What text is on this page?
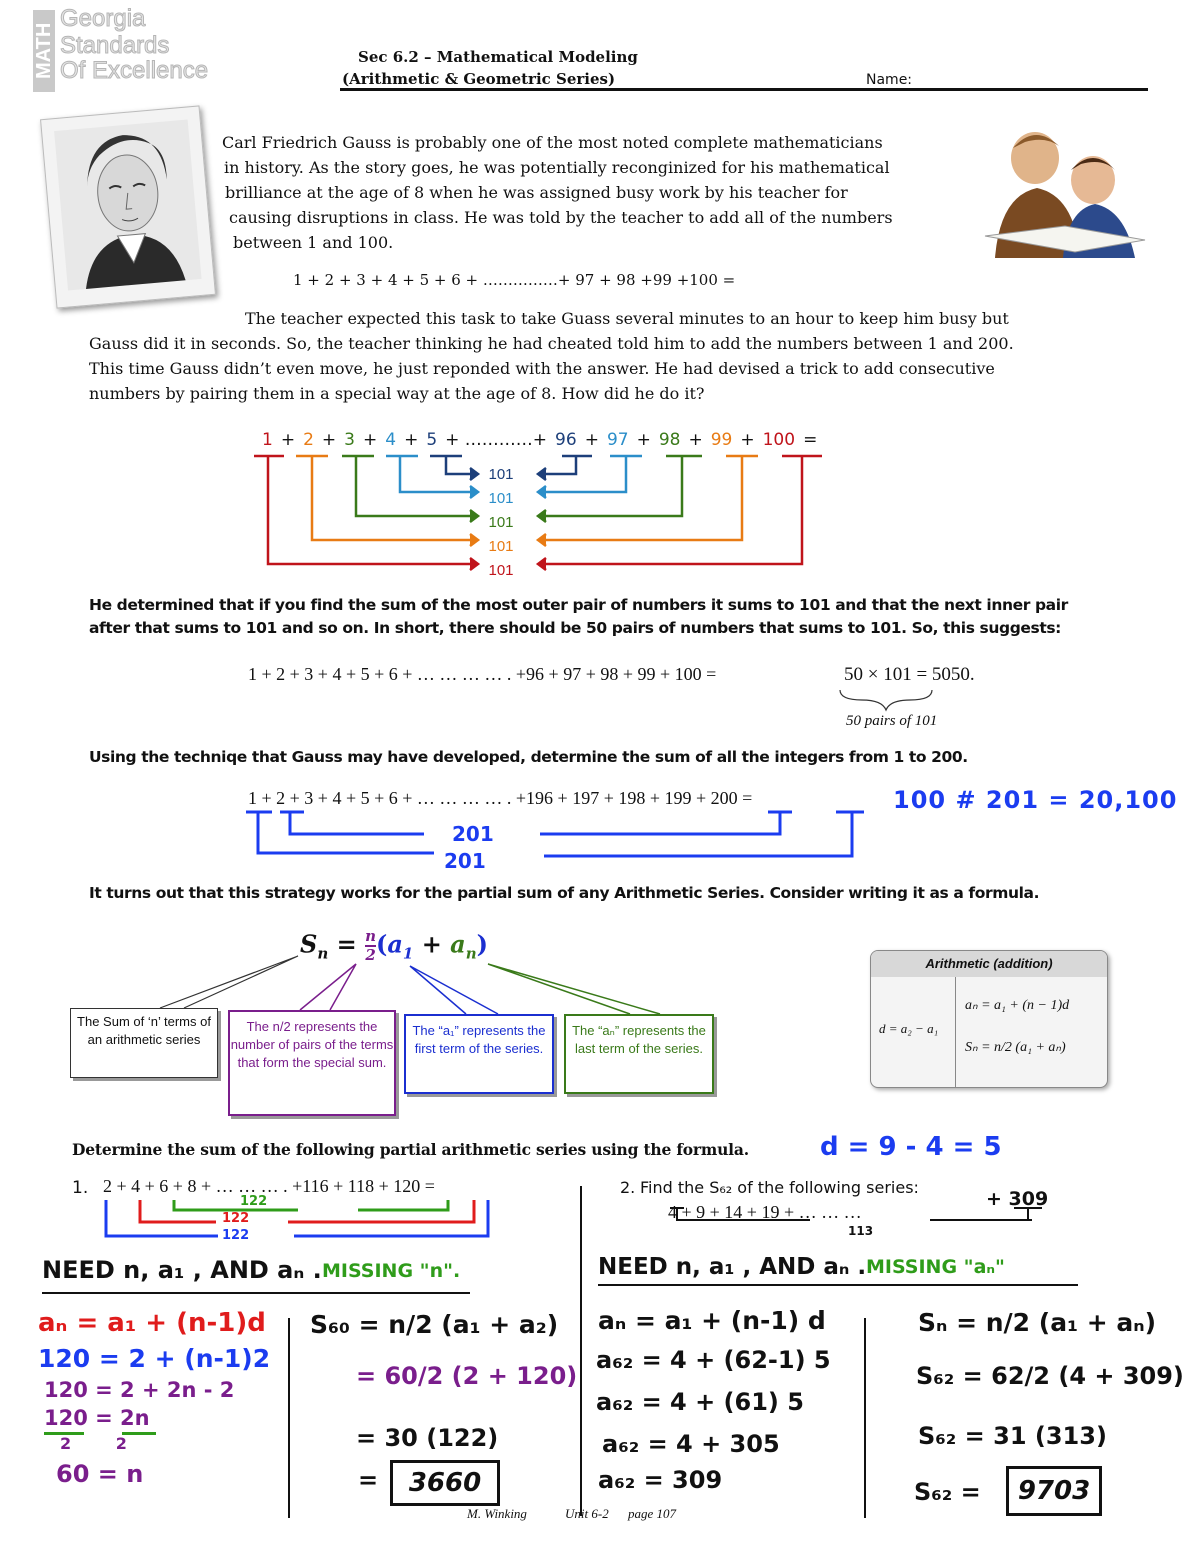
MATH
Georgia
Standards
Of Excellence	Sec 6.2 – Mathematical Modeling
(Arithmetic & Geometric Series)	Name:
Carl Friedrich Gauss is probably one of the most noted complete mathematicians
in history. As the story goes, he was potentially reconginized for his mathematical
brilliance at the age of 8 when he was assigned busy work by his teacher for
causing disruptions in class. He was told by the teacher to add all of the numbers
between 1 and 100.
1 + 2 + 3 + 4 + 5 + 6 + ……………+ 97 + 98 +99 +100 =
The teacher expected this task to take Guass several minutes to an hour to keep him busy but
Gauss did it in seconds. So, the teacher thinking he had cheated told him to add the numbers between 1 and 200.
This time Gauss didn’t even move, he just reponded with the answer. He had devised a trick to add consecutive
numbers by pairing them in a special way at the age of 8. How did he do it?
1 + 2 + 3 + 4 + 5 + …………+ 96 + 97 + 98 + 99 + 100 =
101
101
101
101
101
He determined that if you find the sum of the most outer pair of numbers it sums to 101 and that the next inner pair
after that sums to 101 and so on. In short, there should be 50 pairs of numbers that sums to 101. So, this suggests:
1 + 2 + 3 + 4 + 5 + 6 + … … … … . +96 + 97 + 98 + 99 + 100 =	50 × 101 = 5050.
50 pairs of 101
Using the techniqe that Gauss may have developed, determine the sum of all the integers from 1 to 200.
1 + 2 + 3 + 4 + 5 + 6 + … … … … . +196 + 197 + 198 + 199 + 200 =	100 # 201 = 20,100
201
201
It turns out that this strategy works for the partial sum of any Arithmetic Series. Consider writing it as a formula.
$S_n = \frac{n}{2} (a_1 + a_n)$
The Sum of ‘n’ terms of an arithmetic series
The n/2 represents the number of pairs of the terms that form the special sum.
The “a₁” represents the first term of the series.
The “aₙ” represents the last term of the series.
Arithmetic (addition)
d = a₂ − a₁
aₙ = a₁ + (n − 1)d
Sₙ = n/2 (a₁ + aₙ)
Determine the sum of the following partial arithmetic series using the formula.	d = 9 - 4 = 5
1. 2 + 4 + 6 + 8 + … … … . +116 + 118 + 120 =
122
122
122
2. Find the S₆₂ of the following series:
4 + 9 + 14 + 19 + … … …
+ 309
113
NEED n, a₁ , AND aₙ . MISSING "n".
aₙ = a₁ + (n-1)d
120 = 2 + (n-1)2
120 = 2 + 2n - 2
120 = 2n
2        2
60 = n
S₆₀ = n/2 (a₁ + a₂)
= 60/2 (2 + 120)
= 30 (122)
=	3660
NEED n, a₁ , AND aₙ . MISSING "aₙ"
aₙ = a₁ + (n-1) d
a₆₂ = 4 + (62-1) 5
a₆₂ = 4 + (61) 5
a₆₂ = 4 + 305
a₆₂ = 309
Sₙ = n/2 (a₁ + aₙ)
S₆₂ = 62/2 (4 + 309)
S₆₂ = 31 (313)
S₆₂ =	9703
M. Winking	Unit 6-2 page 107
